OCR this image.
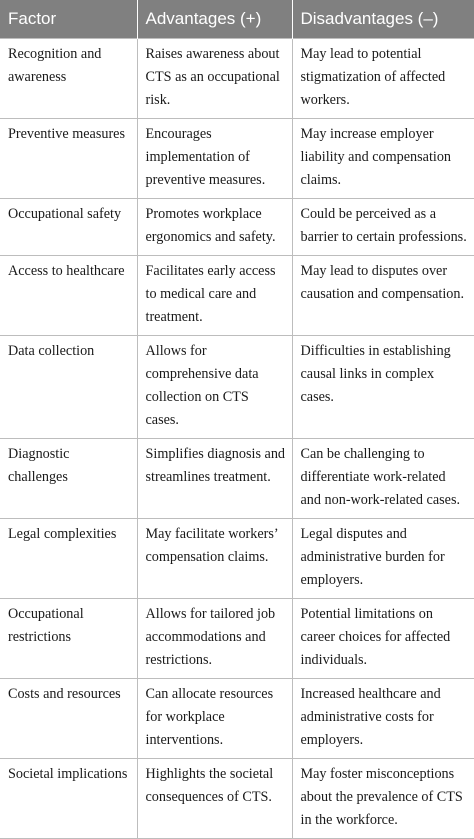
Factor	Advantages (+)	Disadvantages (–)
Recognition and awareness	Raises awareness about CTS as an occupational risk.	May lead to potential stigmatization of affected workers.
Preventive measures	Encourages implementation of preventive measures.	May increase employer liability and compensation claims.
Occupational safety	Promotes workplace ergonomics and safety.	Could be perceived as a barrier to certain professions.
Access to healthcare	Facilitates early access to medical care and treatment.	May lead to disputes over causation and compensation.
Data collection	Allows for comprehensive data collection on CTS cases.	Difficulties in establishing causal links in complex cases.
Diagnostic challenges	Simplifies diagnosis and streamlines treatment.	Can be challenging to differentiate work-related and non-work-related cases.
Legal complexities	May facilitate workers’ compensation claims.	Legal disputes and administrative burden for employers.
Occupational restrictions	Allows for tailored job accommodations and restrictions.	Potential limitations on career choices for affected individuals.
Costs and resources	Can allocate resources for workplace interventions.	Increased healthcare and administrative costs for employers.
Societal implications	Highlights the societal consequences of CTS.	May foster misconceptions about the prevalence of CTS in the workforce.
